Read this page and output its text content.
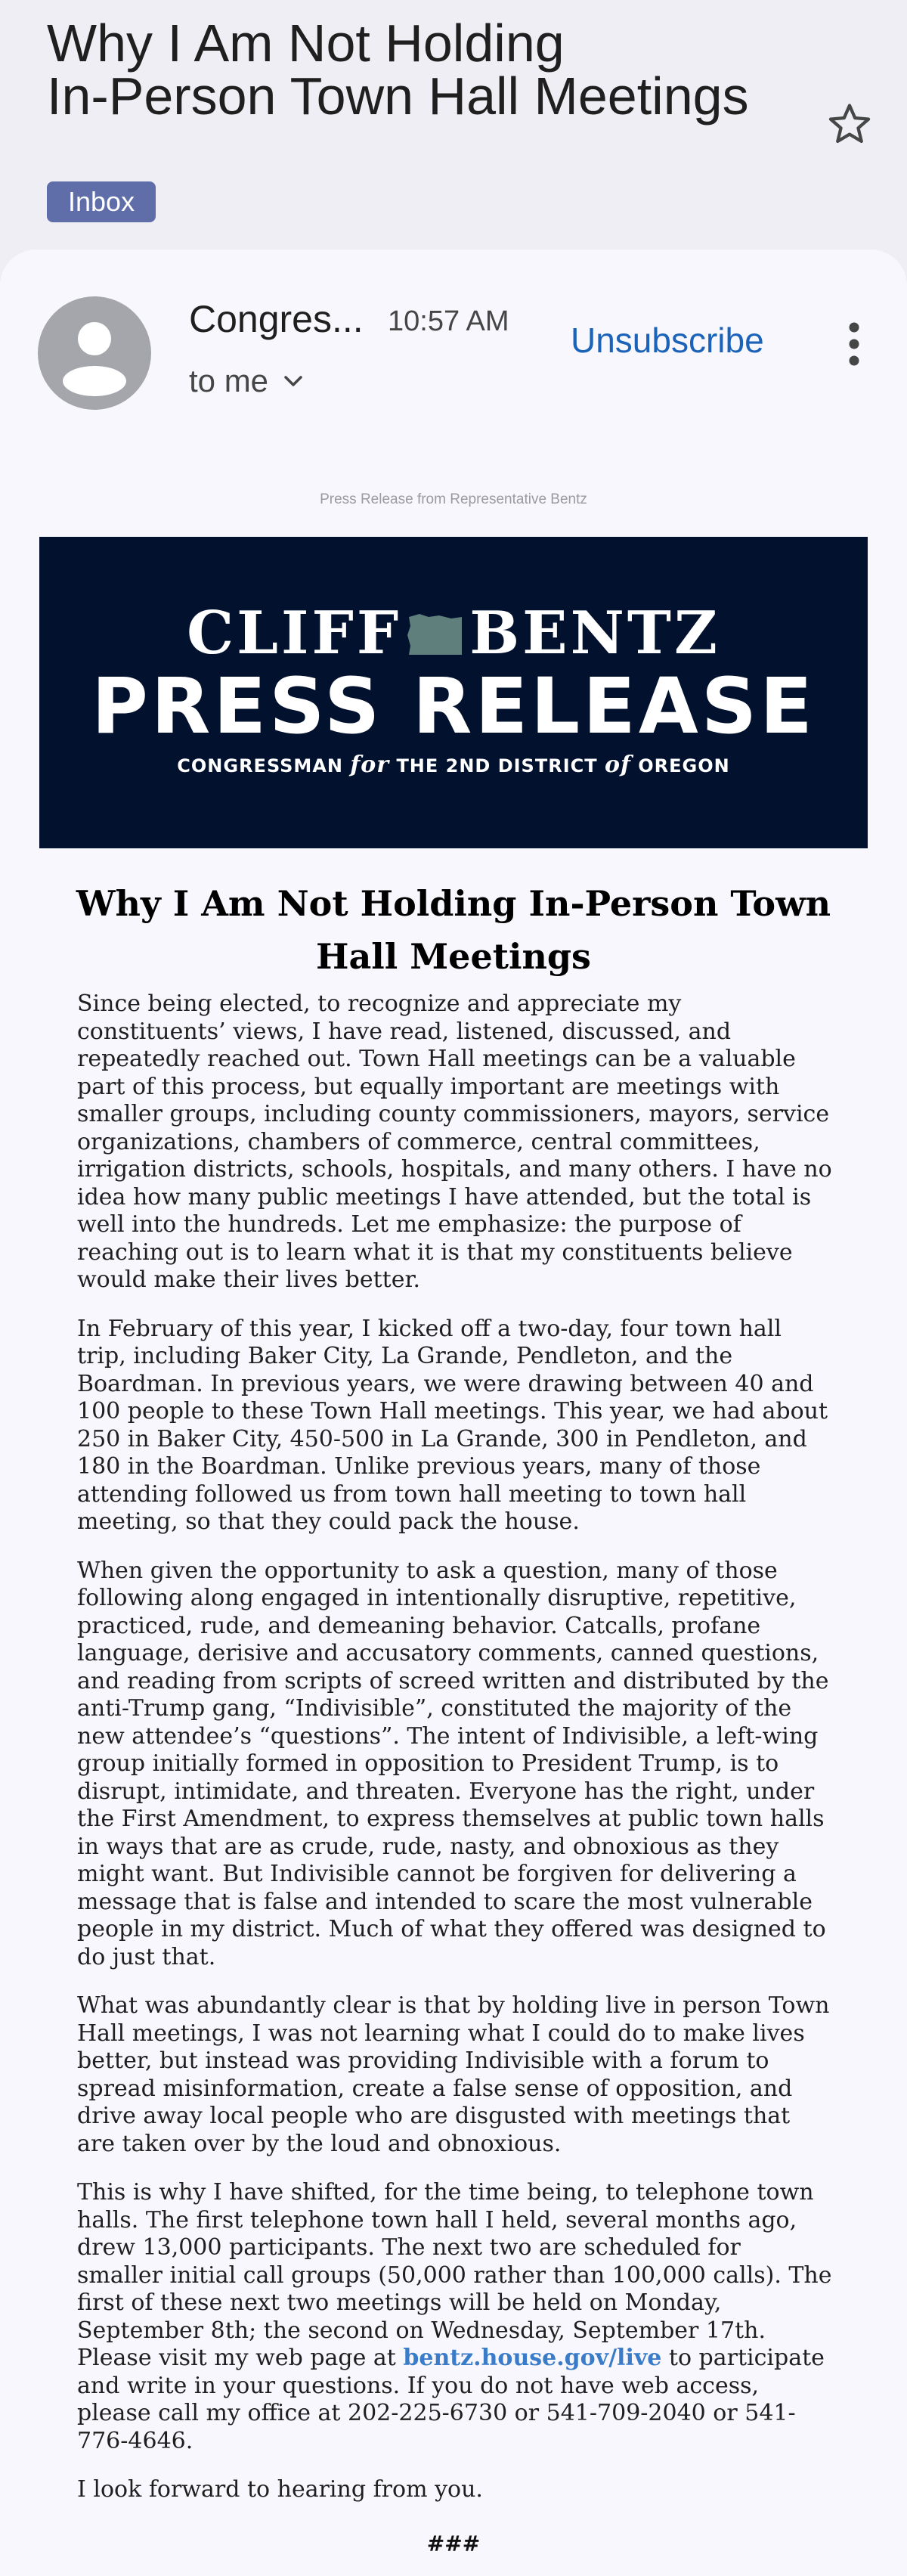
Why I Am Not Holding
In-Person Town Hall Meetings
Inbox
Congres... 10:57 AM
to me
Unsubscribe
Press Release from Representative Bentz
CLIFF BENTZ
PRESS RELEASE
CONGRESSMAN for THE 2ND DISTRICT of OREGON
Why I Am Not Holding In-Person Town Hall Meetings

Since being elected, to recognize and appreciate my constituents’ views, I have read, listened, discussed, and repeatedly reached out. Town Hall meetings can be a valuable part of this process, but equally important are meetings with smaller groups, including county commissioners, mayors, service organizations, chambers of commerce, central committees, irrigation districts, schools, hospitals, and many others. I have no idea how many public meetings I have attended, but the total is well into the hundreds. Let me emphasize: the purpose of reaching out is to learn what it is that my constituents believe would make their lives better.

In February of this year, I kicked off a two-day, four town hall trip, including Baker City, La Grande, Pendleton, and the Boardman. In previous years, we were drawing between 40 and 100 people to these Town Hall meetings. This year, we had about 250 in Baker City, 450-500 in La Grande, 300 in Pendleton, and 180 in the Boardman. Unlike previous years, many of those attending followed us from town hall meeting to town hall meeting, so that they could pack the house.

When given the opportunity to ask a question, many of those following along engaged in intentionally disruptive, repetitive, practiced, rude, and demeaning behavior. Catcalls, profane language, derisive and accusatory comments, canned questions, and reading from scripts of screed written and distributed by the anti-Trump gang, “Indivisible”, constituted the majority of the new attendee’s “questions”. The intent of Indivisible, a left-wing group initially formed in opposition to President Trump, is to disrupt, intimidate, and threaten. Everyone has the right, under the First Amendment, to express themselves at public town halls in ways that are as crude, rude, nasty, and obnoxious as they might want. But Indivisible cannot be forgiven for delivering a message that is false and intended to scare the most vulnerable people in my district. Much of what they offered was designed to do just that.

What was abundantly clear is that by holding live in person Town Hall meetings, I was not learning what I could do to make lives better, but instead was providing Indivisible with a forum to spread misinformation, create a false sense of opposition, and drive away local people who are disgusted with meetings that are taken over by the loud and obnoxious.

This is why I have shifted, for the time being, to telephone town halls. The first telephone town hall I held, several months ago, drew 13,000 participants. The next two are scheduled for smaller initial call groups (50,000 rather than 100,000 calls). The first of these next two meetings will be held on Monday, September 8th; the second on Wednesday, September 17th. Please visit my web page at bentz.house.gov/live to participate and write in your questions. If you do not have web access, please call my office at 202-225-6730 or 541-709-2040 or 541-776-4646.

I look forward to hearing from you.

###
